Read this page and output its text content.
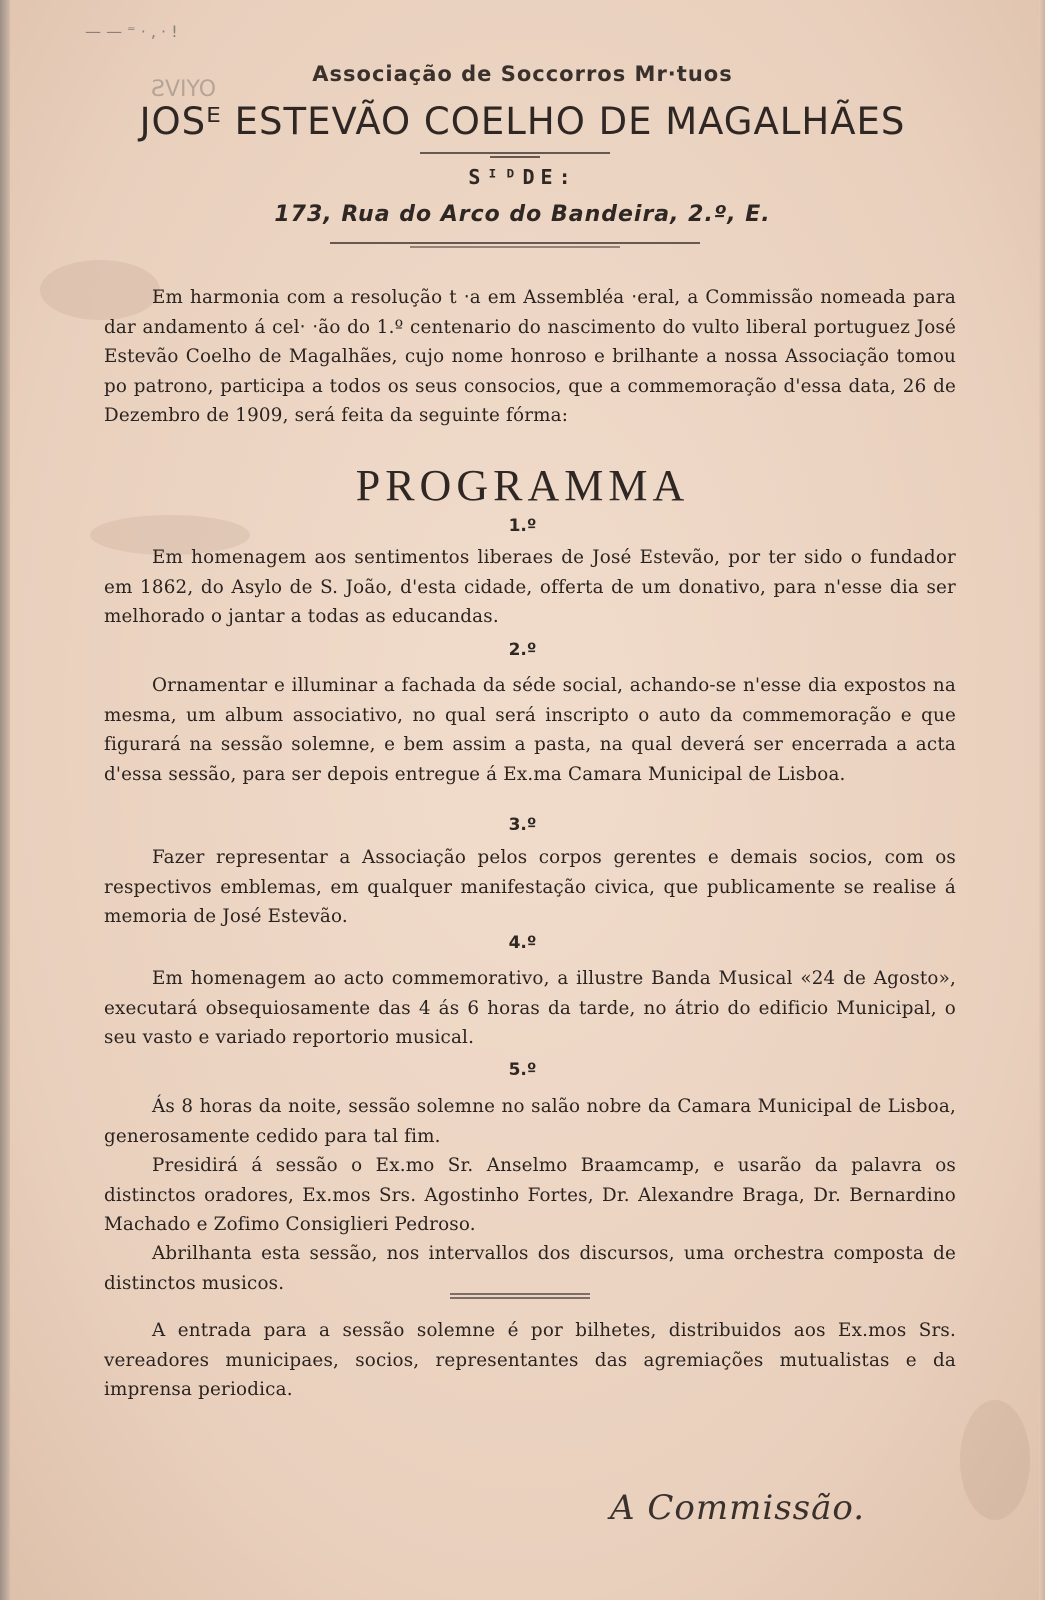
— — ⁼ · , · !
ƧVIYO
Associação de Soccorros Mr·tuos
JOSᴱ ESTEVÃO COELHO DE MAGALHÃES
SᴵᴰDE:
173, Rua do Arco do Bandeira, 2.º, E.
Em harmonia com a resolução t ‧a em Assembléa ‧eral, a Commissão nomeada para dar andamento á cel‧ ‧ão do 1.º centenario do nascimento do vulto liberal portuguez José Estevão Coelho de Magalhães, cujo nome honroso e brilhante a nossa Associação tomou po patrono, participa a todos os seus consocios, que a commemoração d'essa data, 26 de Dezembro de 1909, será feita da seguinte fórma:
PROGRAMMA
1.º
Em homenagem aos sentimentos liberaes de José Estevão, por ter sido o fundador em 1862, do Asylo de S. João, d'esta cidade, offerta de um donativo, para n'esse dia ser melhorado o jantar a todas as educandas.
2.º
Ornamentar e illuminar a fachada da séde social, achando-se n'esse dia expostos na mesma, um album associativo, no qual será inscripto o auto da commemoração e que figurará na sessão solemne, e bem assim a pasta, na qual deverá ser encerrada a acta d'essa sessão, para ser depois entregue á Ex.ma Camara Municipal de Lisboa.
3.º
Fazer representar a Associação pelos corpos gerentes e demais socios, com os respectivos emblemas, em qualquer manifestação civica, que publicamente se realise á memoria de José Estevão.
4.º
Em homenagem ao acto commemorativo, a illustre Banda Musical «24 de Agosto», executará obsequiosamente das 4 ás 6 horas da tarde, no átrio do edificio Municipal, o seu vasto e variado reportorio musical.
5.º
Ás 8 horas da noite, sessão solemne no salão nobre da Camara Municipal de Lisboa, generosamente cedido para tal fim.
Presidirá á sessão o Ex.mo Sr. Anselmo Braamcamp, e usarão da palavra os distinctos oradores, Ex.mos Srs. Agostinho Fortes, Dr. Alexandre Braga, Dr. Bernardino Machado e Zofimo Consiglieri Pedroso.
Abrilhanta esta sessão, nos intervallos dos discursos, uma orchestra composta de distinctos musicos.
A entrada para a sessão solemne é por bilhetes, distribuidos aos Ex.mos Srs. vereadores municipaes, socios, representantes das agremiações mutualistas e da imprensa periodica.
A Commissão.
